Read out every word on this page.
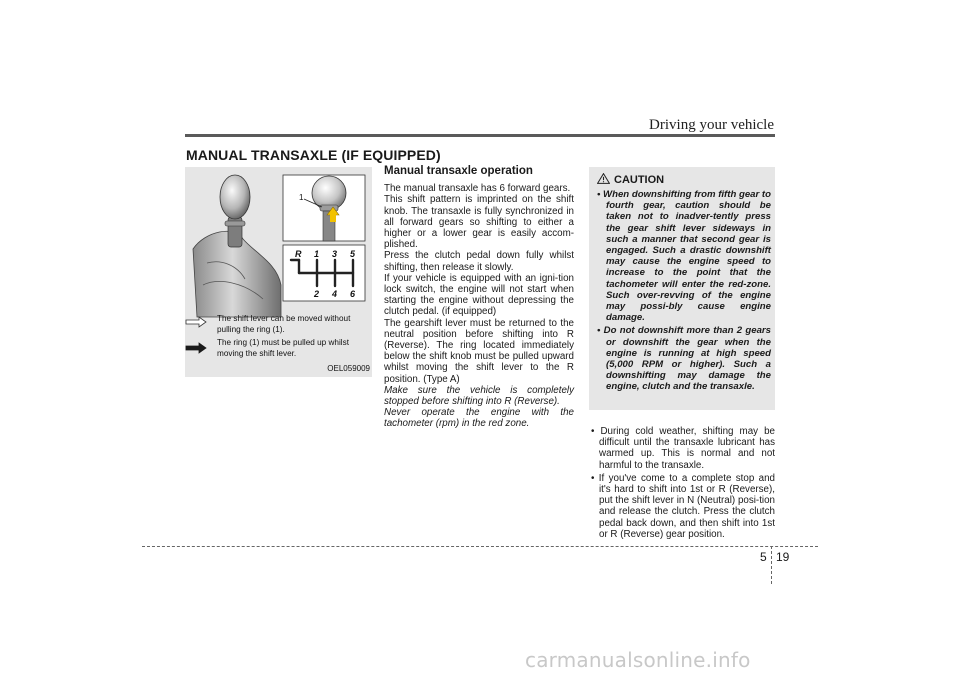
Driving your vehicle
MANUAL TRANSAXLE (IF EQUIPPED)
1
R 1 3 5
2 4 6
The shift lever can be moved without pulling the ring (1).
The ring (1) must be pulled up whilst moving the shift lever.
OEL059009
Manual transaxle operation

The manual transaxle has 6 forward gears.

This shift pattern is imprinted on the shift knob. The transaxle is fully synchronized in all forward gears so shifting to either a higher or a lower gear is easily accom-plished.

Press the clutch pedal down fully whilst shifting, then release it slowly.

If your vehicle is equipped with an igni-tion lock switch, the engine will not start when starting the engine without depressing the clutch pedal. (if equipped)

The gearshift lever must be returned to the neutral position before shifting into R (Reverse). The ring located immediately below the shift knob must be pulled upward whilst moving the shift lever to the R position. (Type A)

Make sure the vehicle is completely stopped before shifting into R (Reverse).

Never operate the engine with the tachometer (rpm) in the red zone.

CAUTION
• When downshifting from fifth gear to fourth gear, caution should be taken not to inadver-tently press the gear shift lever sideways in such a manner that second gear is engaged. Such a drastic downshift may cause the engine speed to increase to the point that the tachometer will enter the red-zone. Such over-revving of the engine may possi-bly cause engine damage.
• Do not downshift more than 2 gears or downshift the gear when the engine is running at high speed (5,000 RPM or higher). Such a downshifting may damage the engine, clutch and the transaxle.
• During cold weather, shifting may be difficult until the transaxle lubricant has warmed up. This is normal and not harmful to the transaxle.
• If you've come to a complete stop and it's hard to shift into 1st or R (Reverse), put the shift lever in N (Neutral) posi-tion and release the clutch. Press the clutch pedal back down, and then shift into 1st or R (Reverse) gear position.
5 19
carmanualsonline.info
